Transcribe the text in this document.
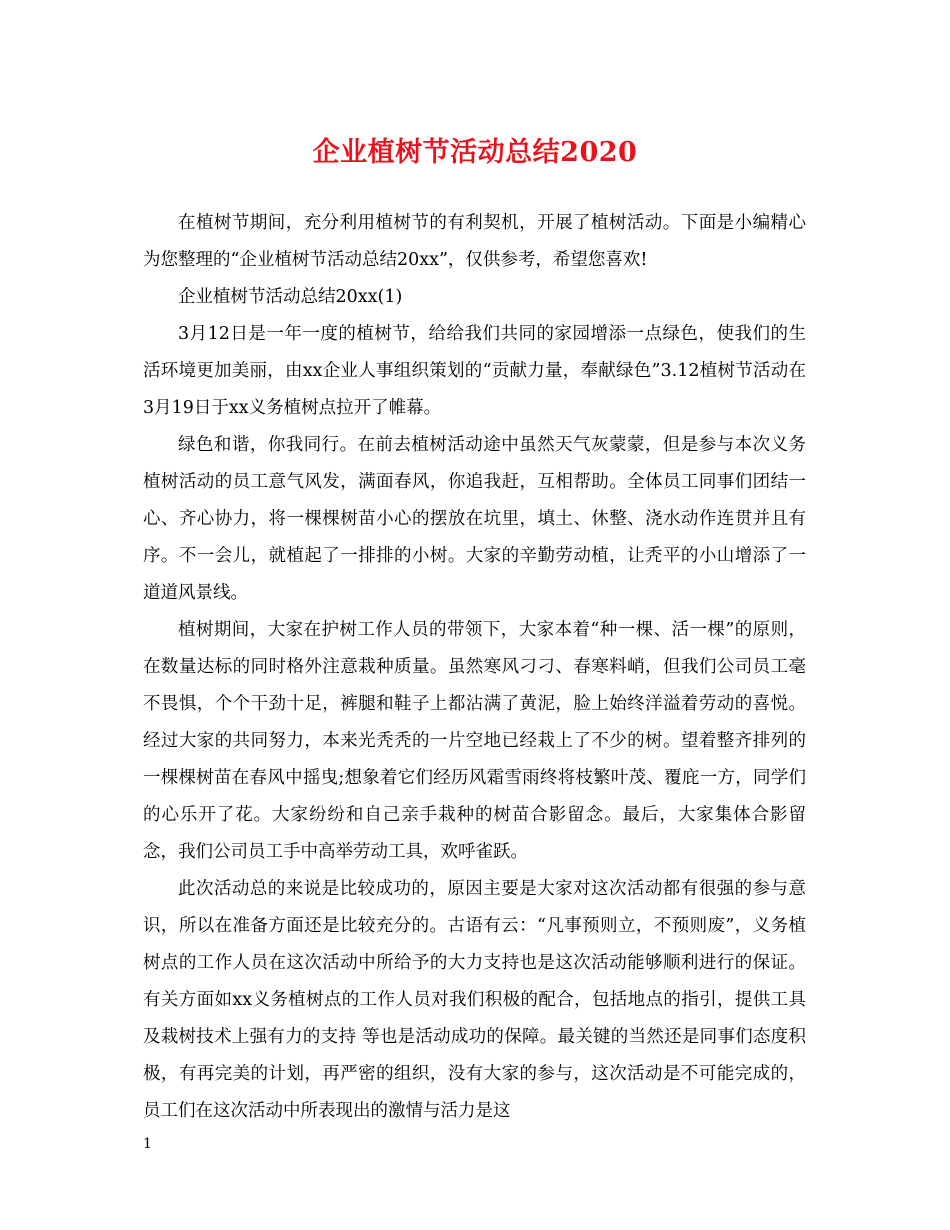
企业植树节活动总结2020

在植树节期间，充分利用植树节的有利契机，开展了植树活动。下面是小编精心为您整理的“企业植树节活动总结20xx”，仅供参考，希望您喜欢!

企业植树节活动总结20xx(1)

3月12日是一年一度的植树节，给给我们共同的家园增添一点绿色，使我们的生活环境更加美丽，由xx企业人事组织策划的“贡献力量，奉献绿色”3.12植树节活动在3月19日于xx义务植树点拉开了帷幕。

绿色和谐，你我同行。在前去植树活动途中虽然天气灰蒙蒙，但是参与本次义务植树活动的员工意气风发，满面春风，你追我赶，互相帮助。全体员工同事们团结一心、齐心协力，将一棵棵树苗小心的摆放在坑里，填土、休整、浇水动作连贯并且有序。不一会儿，就植起了一排排的小树。大家的辛勤劳动植，让秃平的小山增添了一道道风景线。

植树期间，大家在护树工作人员的带领下，大家本着“种一棵、活一棵”的原则，在数量达标的同时格外注意栽种质量。虽然寒风刁刁、春寒料峭，但我们公司员工毫不畏惧，个个干劲十足，裤腿和鞋子上都沾满了黄泥，脸上始终洋溢着劳动的喜悦。经过大家的共同努力，本来光秃秃的一片空地已经栽上了不少的树。望着整齐排列的一棵棵树苗在春风中摇曳;想象着它们经历风霜雪雨终将枝繁叶茂、覆庇一方，同学们的心乐开了花。大家纷纷和自己亲手栽种的树苗合影留念。最后，大家集体合影留念，我们公司员工手中高举劳动工具，欢呼雀跃。

此次活动总的来说是比较成功的，原因主要是大家对这次活动都有很强的参与意识，所以在准备方面还是比较充分的。古语有云：“凡事预则立，不预则废”，义务植树点的工作人员在这次活动中所给予的大力支持也是这次活动能够顺利进行的保证。有关方面如xx义务植树点的工作人员对我们积极的配合，包括地点的指引，提供工具及栽树技术上强有力的支持 等也是活动成功的保障。最关键的当然还是同事们态度积极，有再完美的计划，再严密的组织，没有大家的参与，这次活动是不可能完成的，员工们在这次活动中所表现出的激情与活力是这

1
